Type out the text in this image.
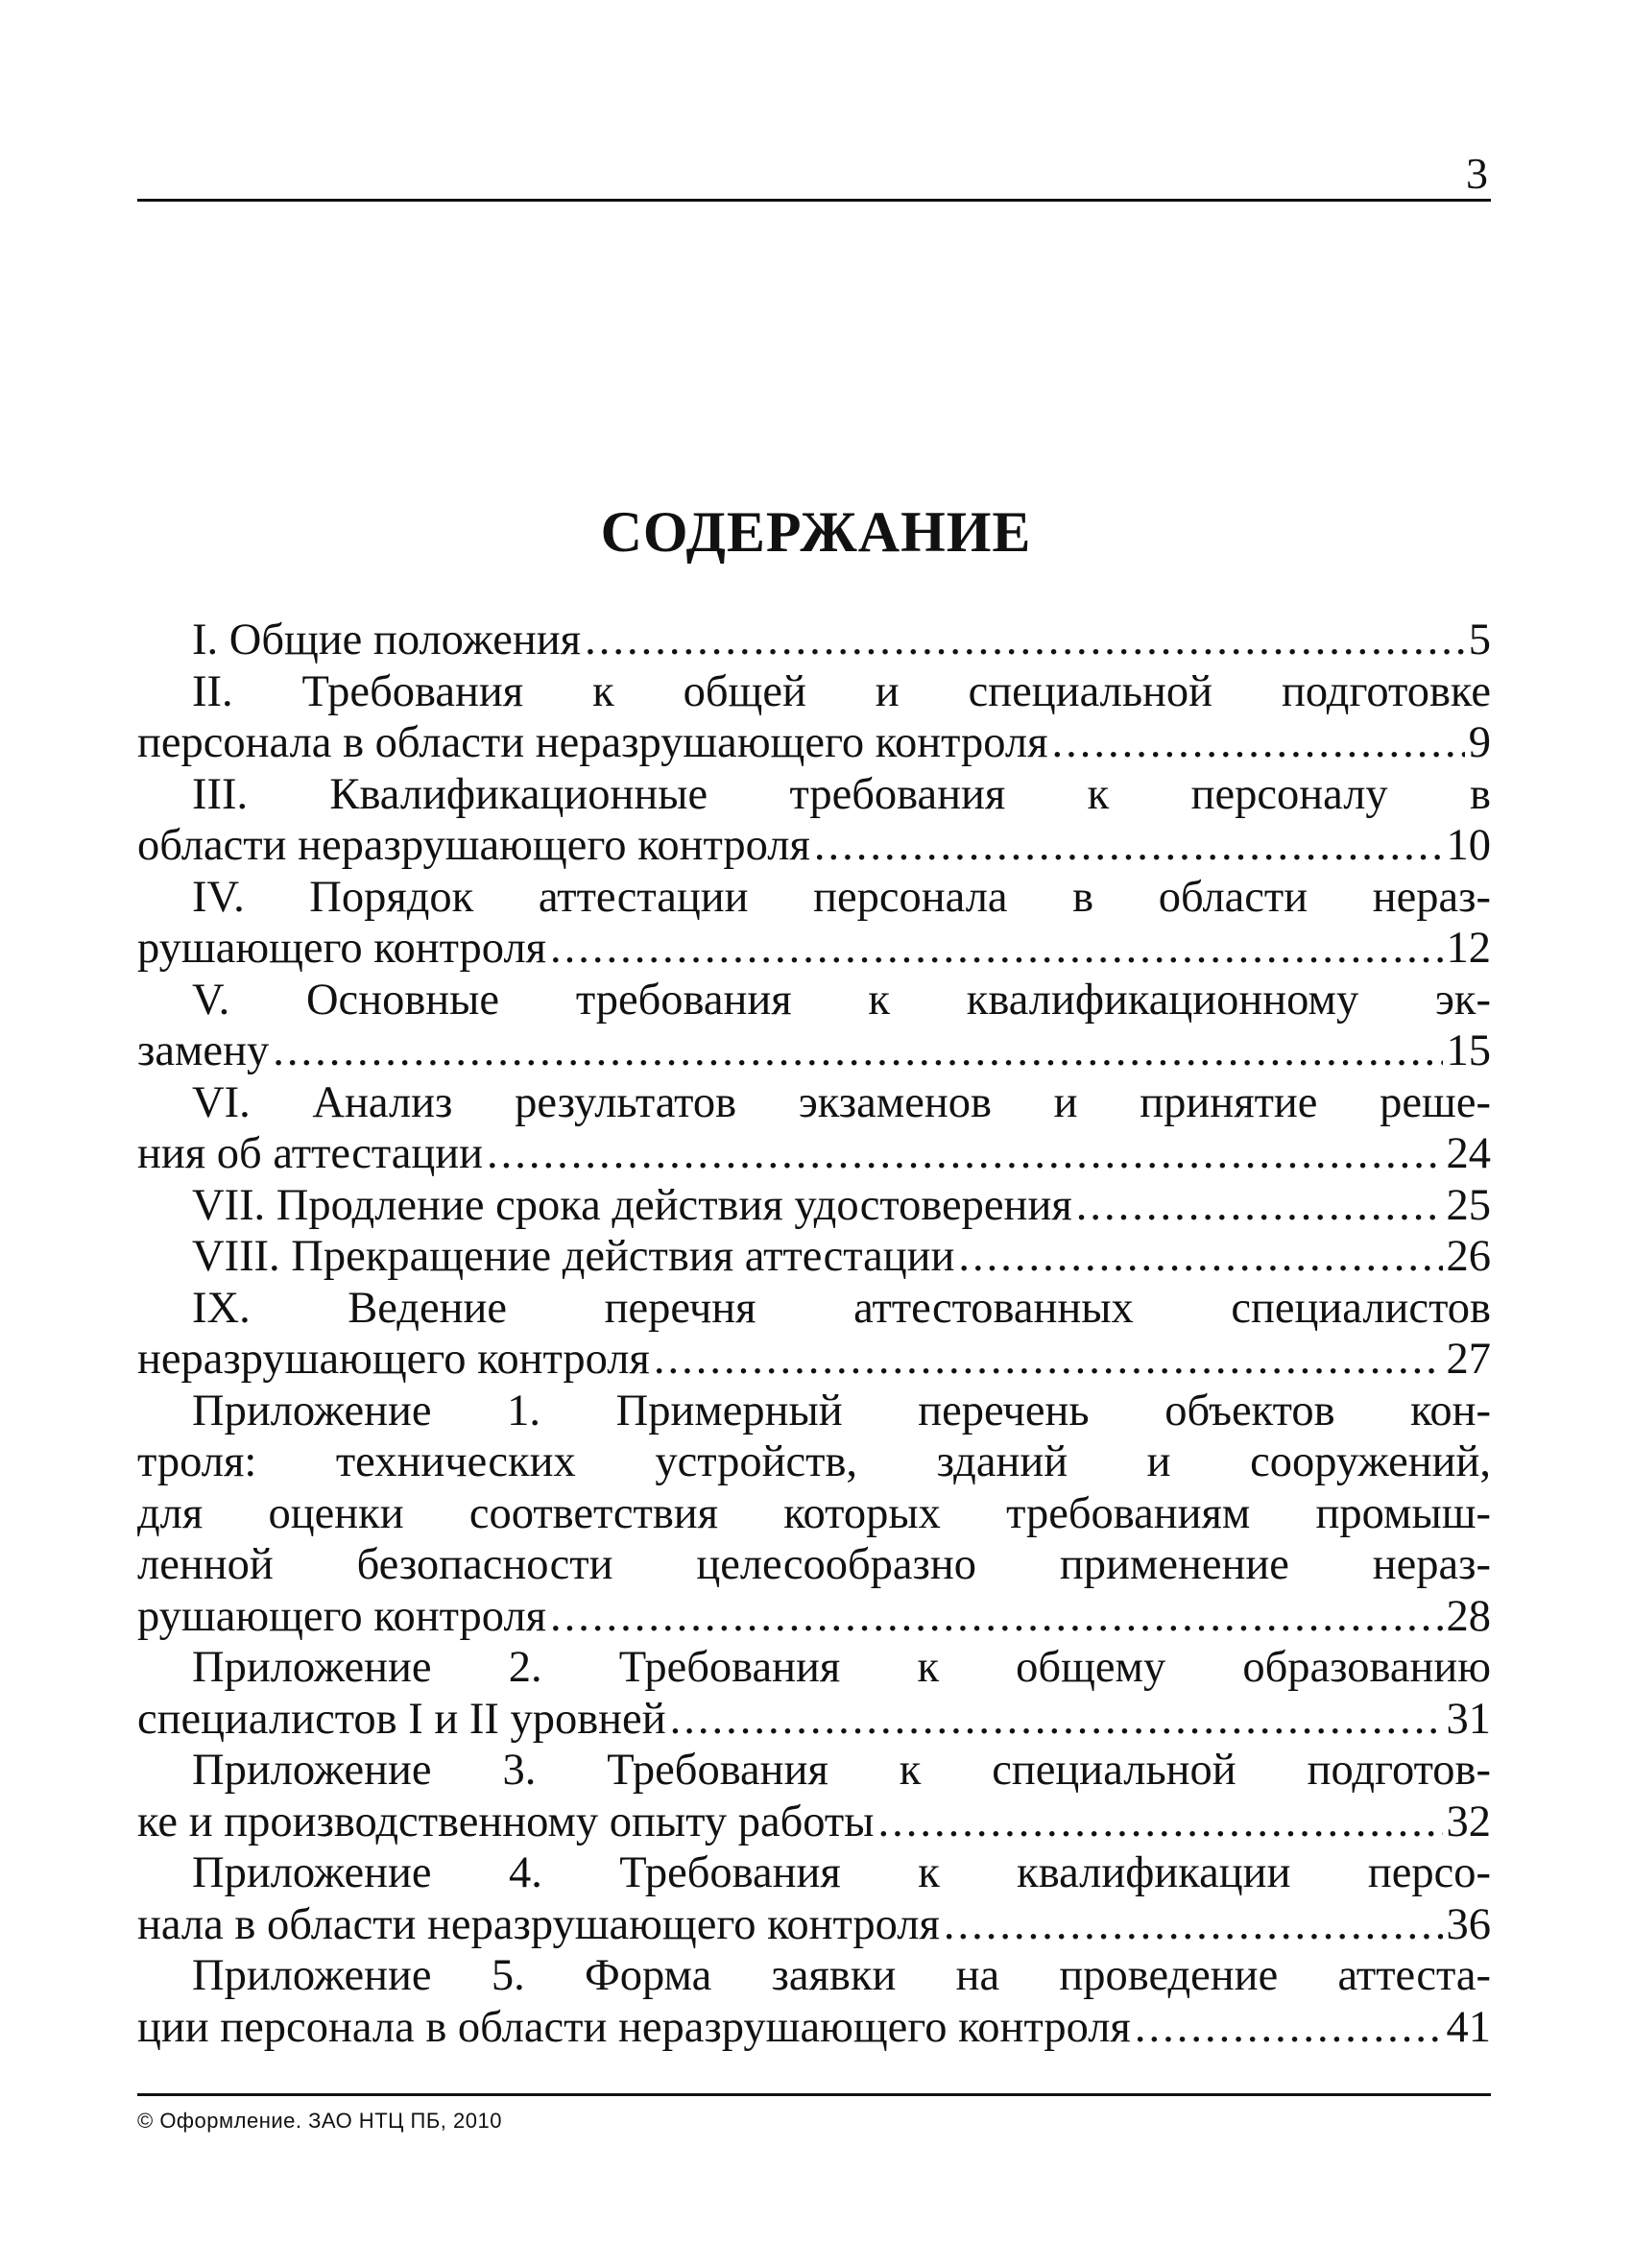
3
СОДЕРЖАНИЕ
I. Общие положения .....	5
II. Требования к общей и специальной подготовке
персонала в области неразрушающего контроля .....	9
III. Квалификационные требования к персоналу в
области неразрушающего контроля .....	10
IV. Порядок аттестации персонала в области нераз-
рушающего контроля .....	12
V. Основные требования к квалификационному эк-
замену .....	15
VI. Анализ результатов экзаменов и принятие реше-
ния об аттестации .....	24
VII. Продление срока действия удостоверения .....	25
VIII. Прекращение действия аттестации .....	26
IX. Ведение перечня аттестованных специалистов
неразрушающего контроля .....	27
Приложение 1. Примерный перечень объектов кон-
троля: технических устройств, зданий и сооружений,
для оценки соответствия которых требованиям промыш-
ленной безопасности целесообразно применение нераз-
рушающего контроля .....	28
Приложение 2. Требования к общему образованию
специалистов I и II уровней .....	31
Приложение 3. Требования к специальной подготов-
ке и производственному опыту работы .....	32
Приложение 4. Требования к квалификации персо-
нала в области неразрушающего контроля .....	36
Приложение 5. Форма заявки на проведение аттеста-
ции персонала в области неразрушающего контроля .....	41
© Оформление. ЗАО НТЦ ПБ, 2010
